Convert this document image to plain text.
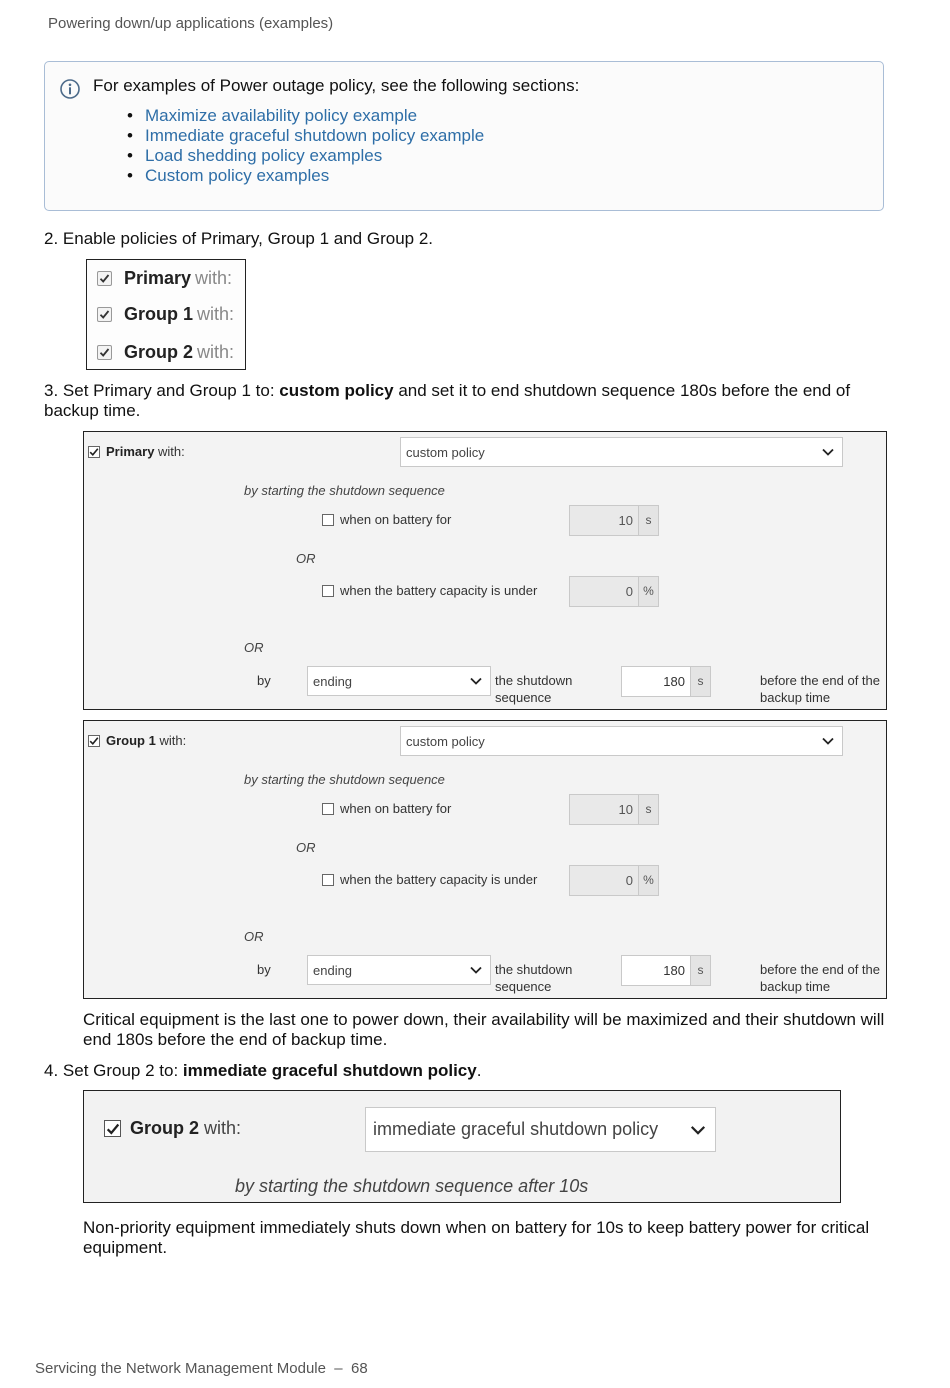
Powering down/up applications (examples)
For examples of Power outage policy, see the following sections:
• Maximize availability policy example
• Immediate graceful shutdown policy example
• Load shedding policy examples
• Custom policy examples
2. Enable policies of Primary, Group 1 and Group 2.
Primary with:
Group 1 with:
Group 2 with:
3. Set Primary and Group 1 to: custom policy and set it to end shutdown sequence 180s before the end of backup time.
Primary with:	custom policy
by starting the shutdown sequence
when on battery for	10	s
OR
when the battery capacity is under	0 %
OR
by	ending	the shutdown
sequence
180	s	before the end of the
backup time
Group 1 with:	custom policy
by starting the shutdown sequence
when on battery for	10	s
OR
when the battery capacity is under	0 %
OR
by	ending	the shutdown
sequence
180	s	before the end of the
backup time
Critical equipment is the last one to power down, their availability will be maximized and their shutdown will end 180s before the end of backup time.
4. Set Group 2 to: immediate graceful shutdown policy.
Group 2 with:	immediate graceful shutdown policy
by starting the shutdown sequence after 10s
Non-priority equipment immediately shuts down when on battery for 10s to keep battery power for critical equipment.
Servicing the Network Management Module  –  68
